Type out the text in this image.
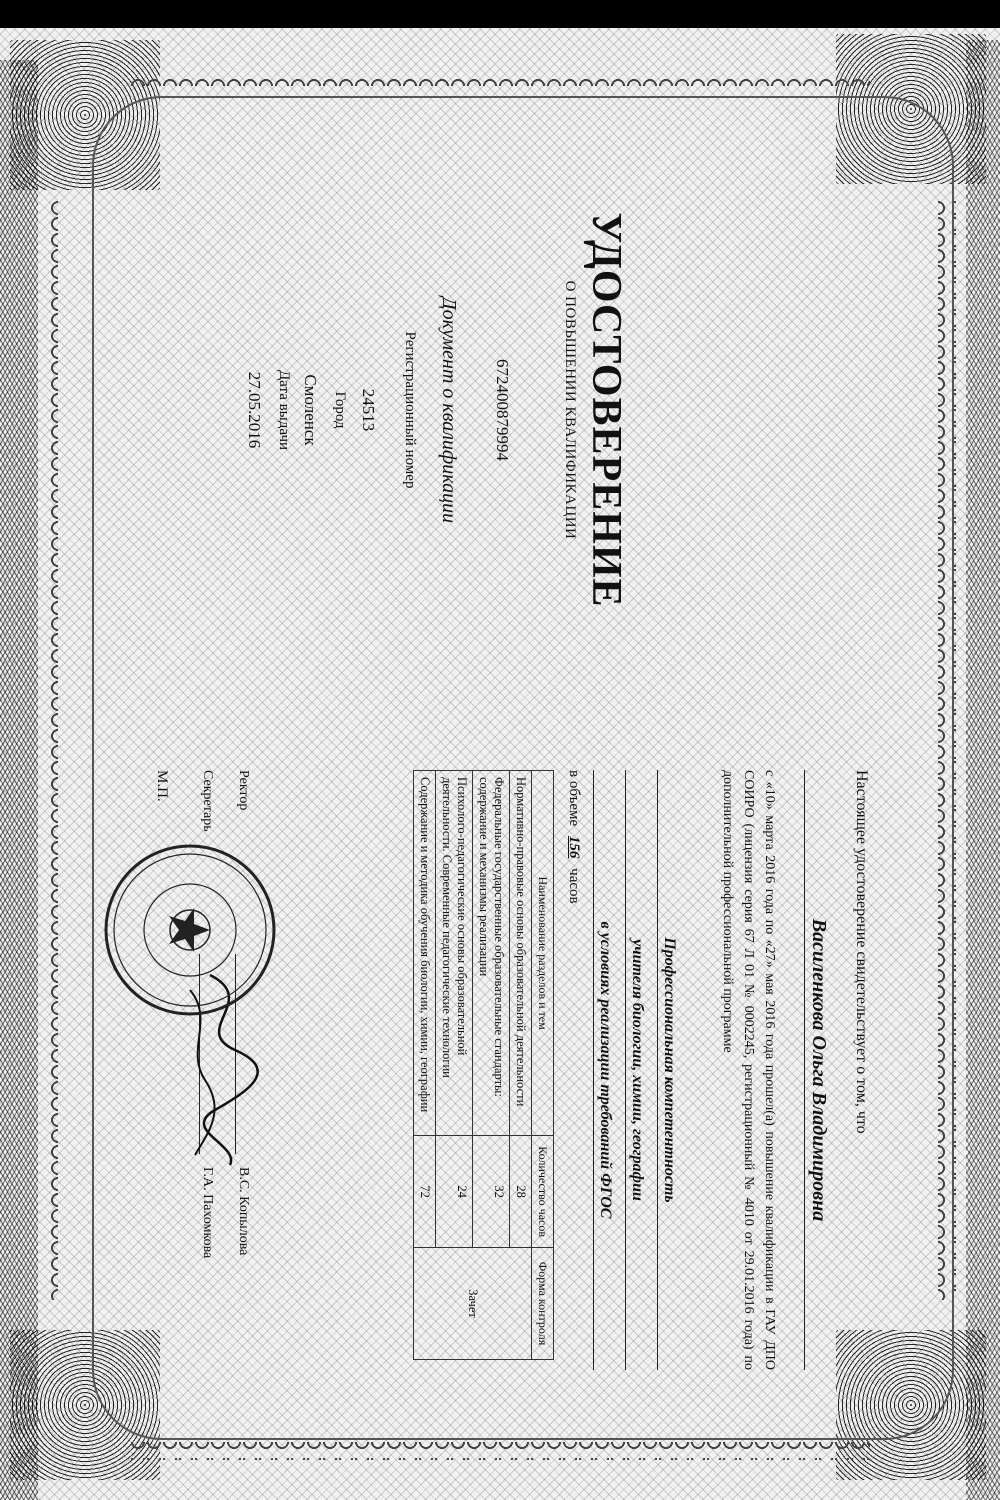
УДОСТОВЕРЕНИЕ
О ПОВЫШЕНИИ КВАЛИФИКАЦИИ
672400879994
Документ о квалификации
Регистрационный номер
24513
Город
Смоленск
Дата выдачи
27.05.2016
Настоящее удостоверение свидетельствует о том, что
Василенкова Ольга Владимировна
с «10» марта 2016 года по «27» мая 2016 года прошел(а) повышение квалификации в ГАУ ДПО СОИРО (лицензия серия 67 Л 01 № 0002245, регистрационный № 4010 от 29.01.2016 года) по дополнительной профессиональной программе
Профессиональная компетентность
учителя биологии, химии, географии
в условиях реализации требований ФГОС
в объеме 156 часов
Наименование разделов и тем	Количество часов	Форма контроля
Нормативно-правовые основы образовательной деятельности	28	Зачет
Федеральные государственные образовательные стандарты: содержание и механизмы реализации	32	
Психолого-педагогические основы образовательной деятельности. Современные педагогические технологии	24	
Содержание и методика обучения биологии, химии, географии	72	
Ректор  В.С. Копылова
Секретарь  Г.А. Пахомкова
М.П.
